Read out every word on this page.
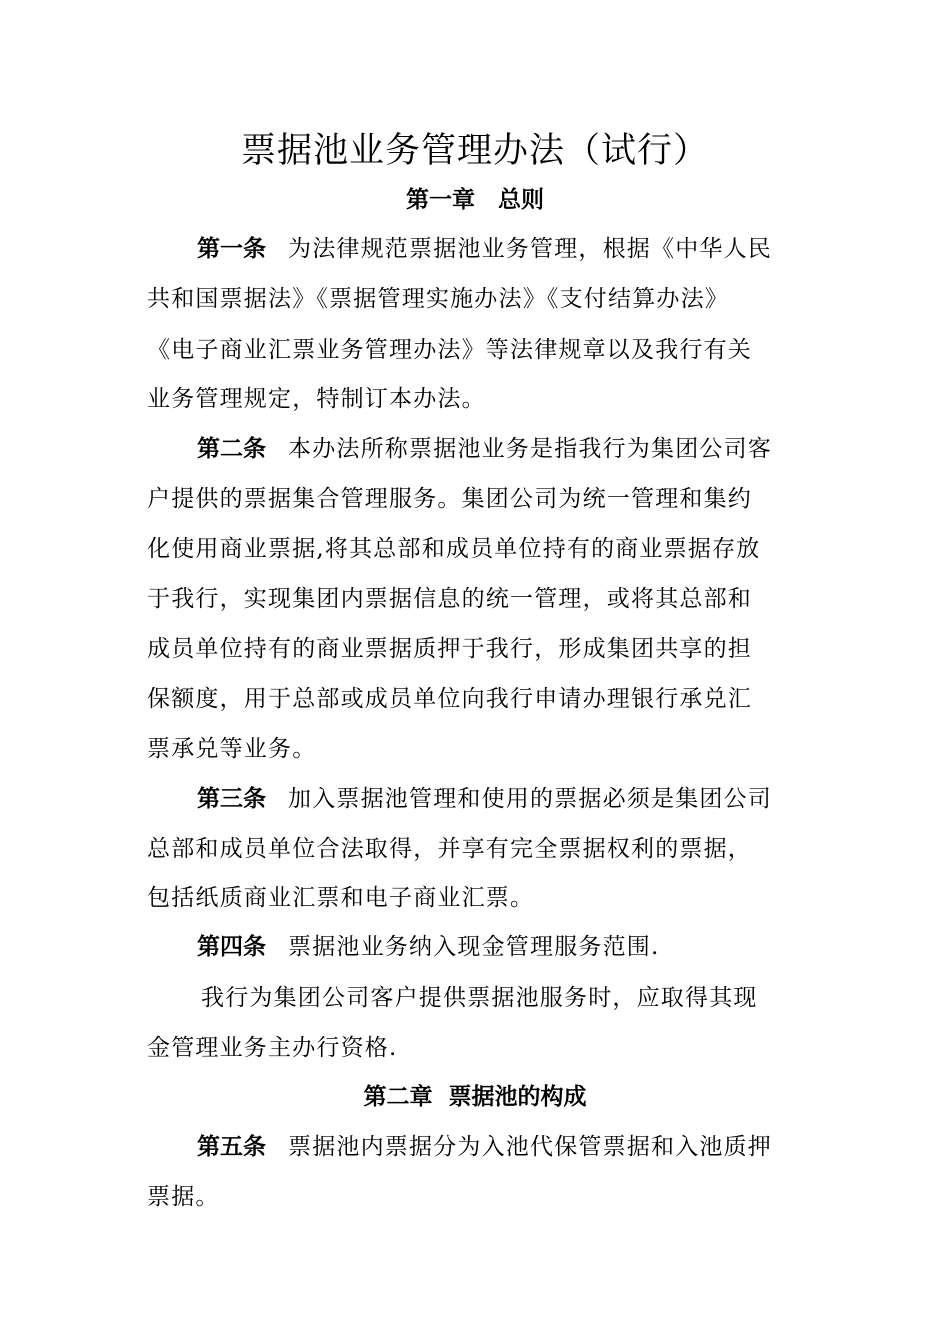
票据池业务管理办法（试行）
第一章　总则
第一条 为法律规范票据池业务管理，根据《中华人民
共和国票据法》《票据管理实施办法》《支付结算办法》
《电子商业汇票业务管理办法》等法律规章以及我行有关
业务管理规定，特制订本办法。
第二条 本办法所称票据池业务是指我行为集团公司客
户提供的票据集合管理服务。集团公司为统一管理和集约
化使用商业票据,将其总部和成员单位持有的商业票据存放
于我行，实现集团内票据信息的统一管理，或将其总部和
成员单位持有的商业票据质押于我行，形成集团共享的担
保额度，用于总部或成员单位向我行申请办理银行承兑汇
票承兑等业务。
第三条 加入票据池管理和使用的票据必须是集团公司
总部和成员单位合法取得，并享有完全票据权利的票据，
包括纸质商业汇票和电子商业汇票。
第四条 票据池业务纳入现金管理服务范围.
我行为集团公司客户提供票据池服务时，应取得其现
金管理业务主办行资格.
第二章  票据池的构成
第五条 票据池内票据分为入池代保管票据和入池质押
票据。
